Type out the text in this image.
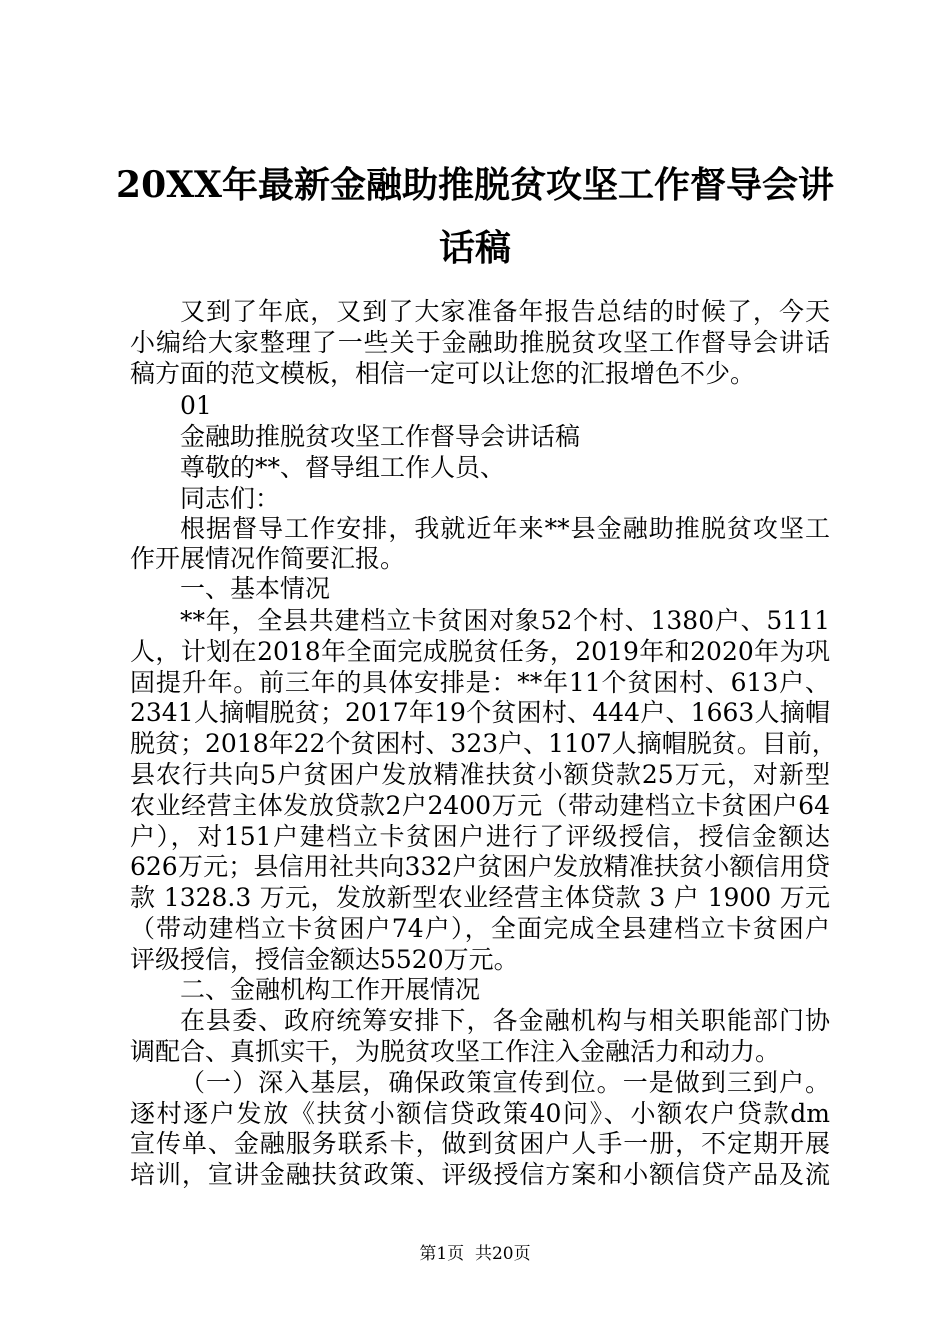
20XX年最新金融助推脱贫攻坚工作督导会讲
话稿
又到了年底，又到了大家准备年报告总结的时候了，今天
小编给大家整理了一些关于金融助推脱贫攻坚工作督导会讲话
稿方面的范文模板，相信一定可以让您的汇报增色不少。
01
金融助推脱贫攻坚工作督导会讲话稿
尊敬的**、督导组工作人员、
同志们：
根据督导工作安排，我就近年来**县金融助推脱贫攻坚工
作开展情况作简要汇报。
一、基本情况
**年，全县共建档立卡贫困对象52个村、1380户、5111
人，计划在2018年全面完成脱贫任务，2019年和2020年为巩
固提升年。前三年的具体安排是：**年11个贫困村、613户、
2341人摘帽脱贫；2017年19个贫困村、444户、1663人摘帽
脱贫；2018年22个贫困村、323户、1107人摘帽脱贫。目前，
县农行共向5户贫困户发放精准扶贫小额贷款25万元，对新型
农业经营主体发放贷款2户2400万元（带动建档立卡贫困户64
户），对151户建档立卡贫困户进行了评级授信，授信金额达
626万元；县信用社共向332户贫困户发放精准扶贫小额信用贷
款 1328.3 万元，发放新型农业经营主体贷款 3 户 1900 万元
（带动建档立卡贫困户74户），全面完成全县建档立卡贫困户
评级授信，授信金额达5520万元。
二、金融机构工作开展情况
在县委、政府统筹安排下，各金融机构与相关职能部门协
调配合、真抓实干，为脱贫攻坚工作注入金融活力和动力。
（一）深入基层，确保政策宣传到位。一是做到三到户。
逐村逐户发放《扶贫小额信贷政策40问》、小额农户贷款dm
宣传单、金融服务联系卡，做到贫困户人手一册，不定期开展
培训，宣讲金融扶贫政策、评级授信方案和小额信贷产品及流
第1页  共20页
